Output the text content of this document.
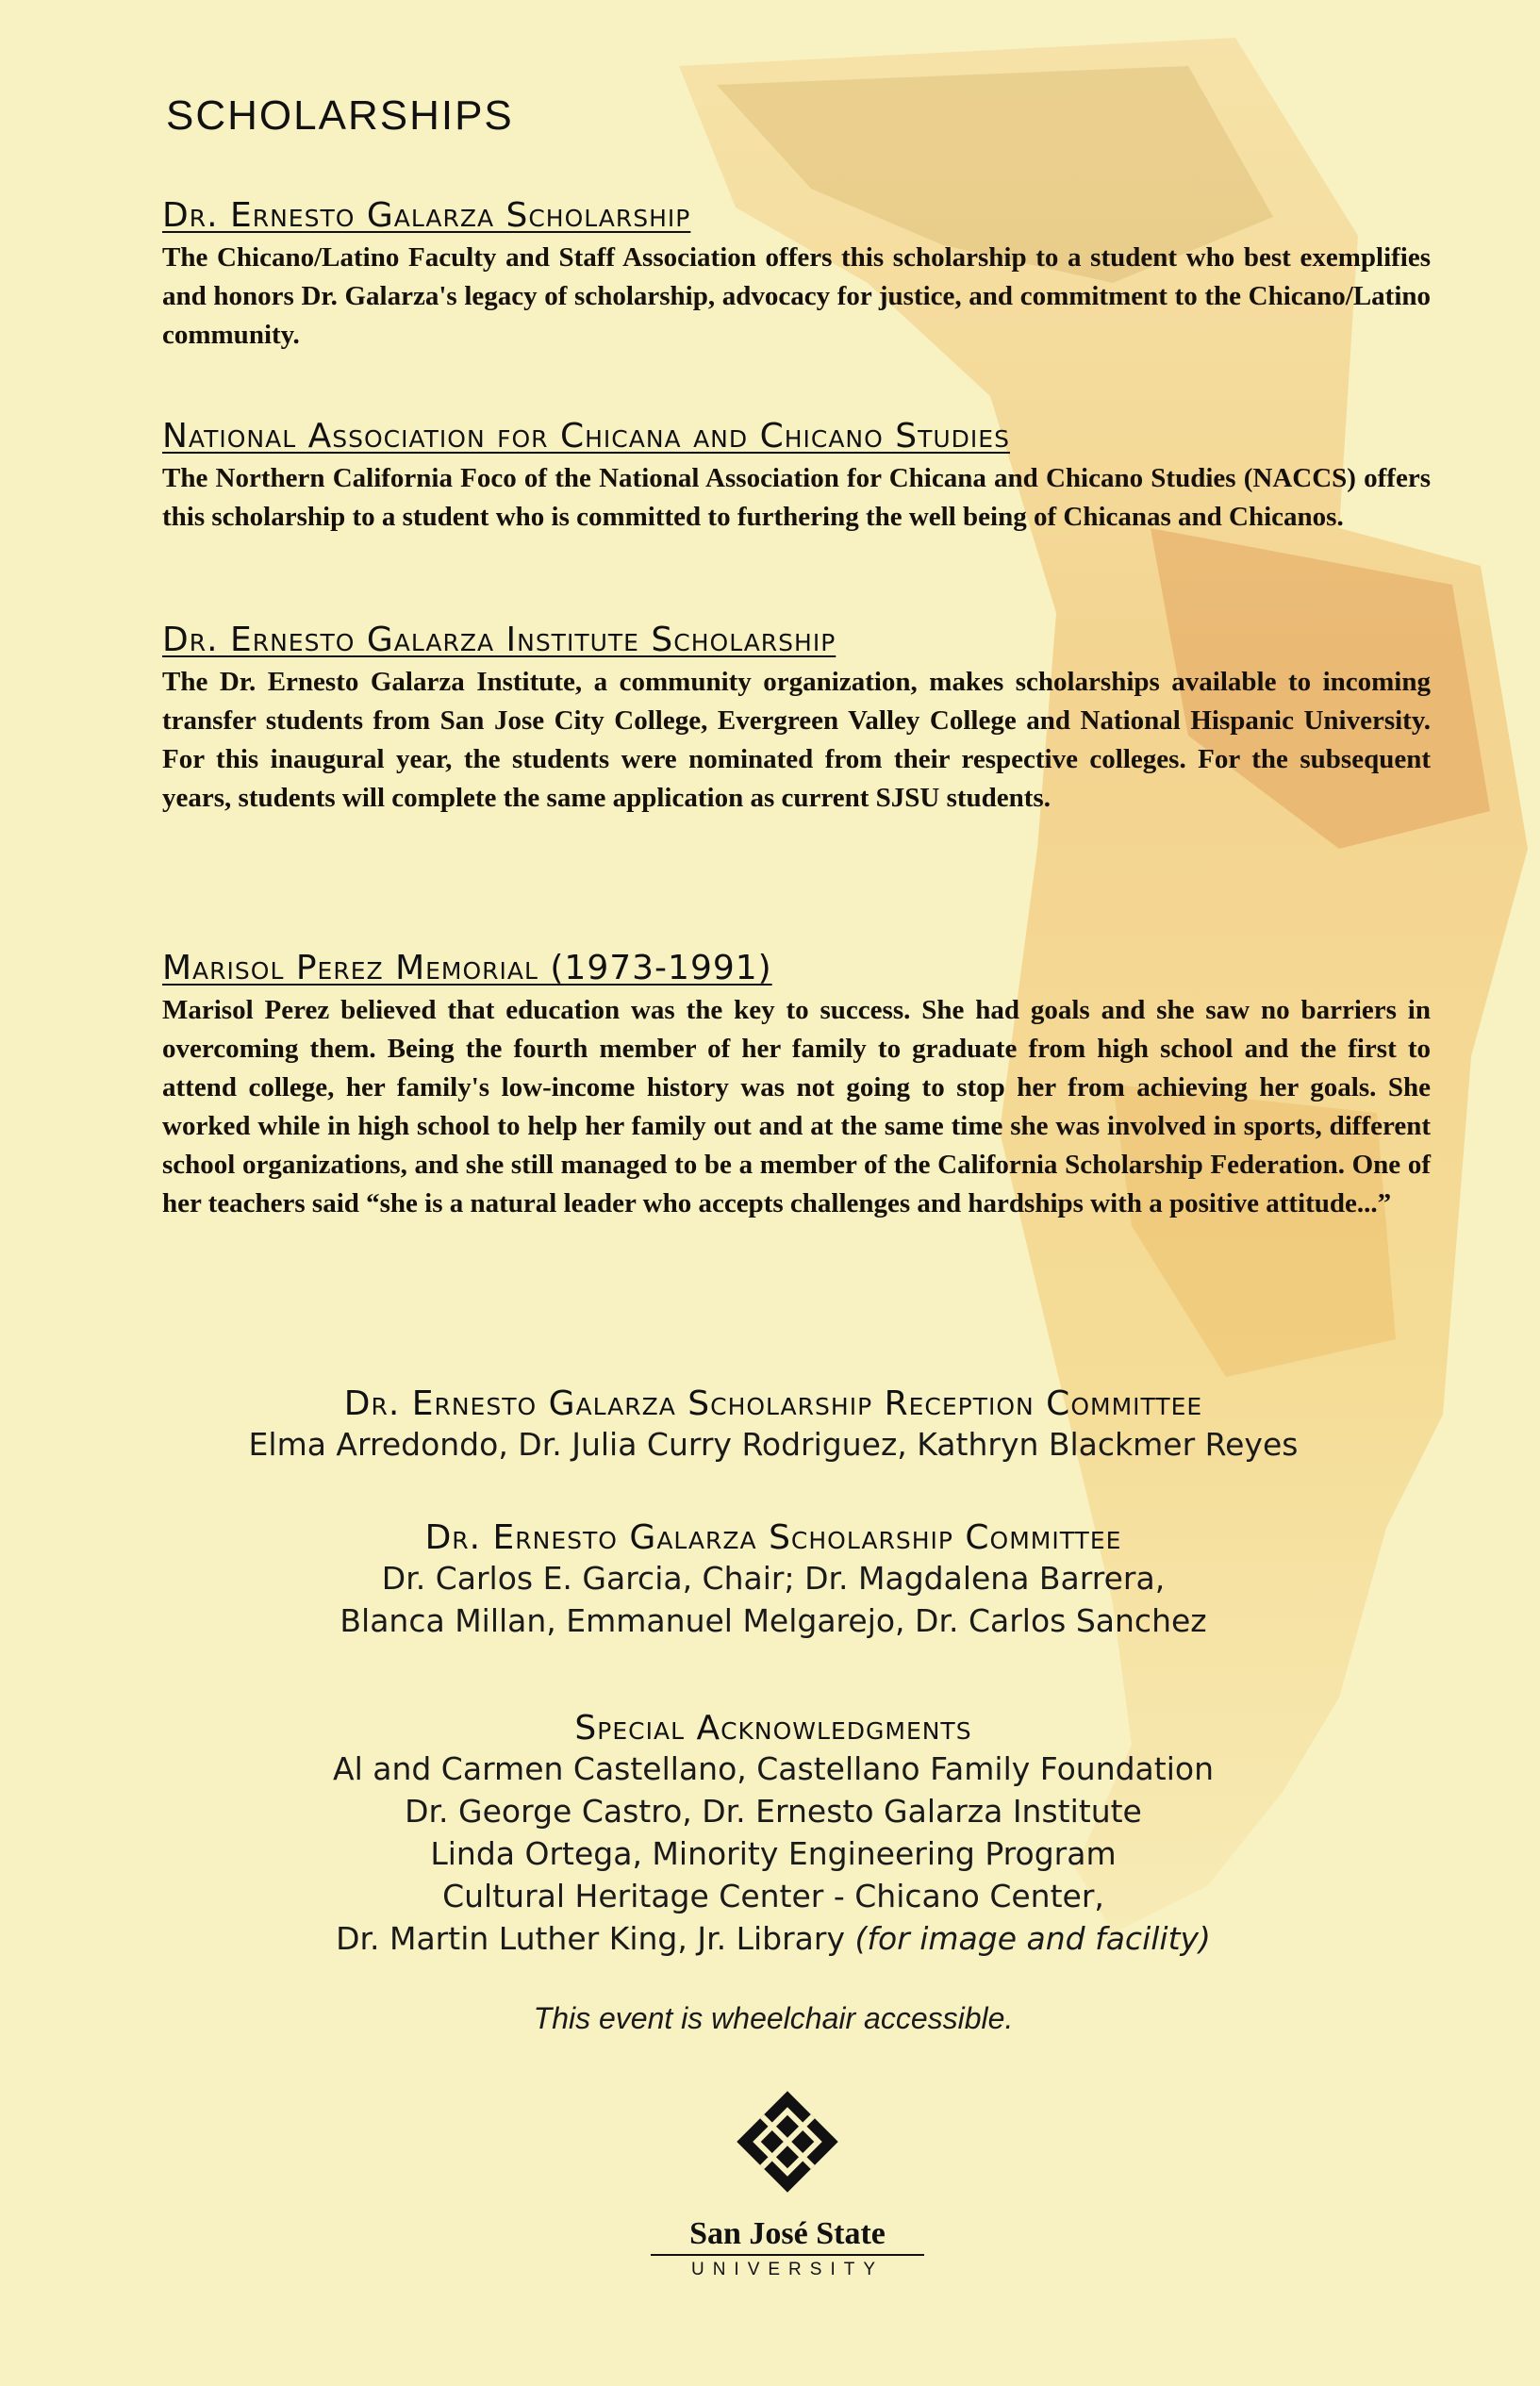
SCHOLARSHIPS
Dr. Ernesto Galarza Scholarship

The Chicano/Latino Faculty and Staff Association offers this scholarship to a student who best exemplifies and honors Dr. Galarza's legacy of scholarship, advocacy for justice, and commitment to the Chicano/Latino community.

National Association for Chicana and Chicano Studies

The Northern California Foco of the National Association for Chicana and Chicano Studies (NACCS) offers this scholarship to a student who is committed to furthering the well being of Chicanas and Chicanos.

Dr. Ernesto Galarza Institute Scholarship

The Dr. Ernesto Galarza Institute, a community organization, makes scholarships available to incoming transfer students from San Jose City College, Evergreen Valley College and National Hispanic University. For this inaugural year, the students were nominated from their respective colleges. For the subsequent years, students will complete the same application as current SJSU students.

Marisol Perez Memorial (1973-1991)

Marisol Perez believed that education was the key to success. She had goals and she saw no barriers in overcoming them. Being the fourth member of her family to graduate from high school and the first to attend college, her family's low-income history was not going to stop her from achieving her goals. She worked while in high school to help her family out and at the same time she was involved in sports, different school organizations, and she still managed to be a member of the California Scholarship Federation. One of her teachers said “she is a natural leader who accepts challenges and hardships with a positive attitude...”

Dr. Ernesto Galarza Scholarship Reception Committee

Elma Arredondo, Dr. Julia Curry Rodriguez, Kathryn Blackmer Reyes

Dr. Ernesto Galarza Scholarship Committee

Dr. Carlos E. Garcia, Chair; Dr. Magdalena Barrera,

Blanca Millan, Emmanuel Melgarejo, Dr. Carlos Sanchez

Special Acknowledgments

Al and Carmen Castellano, Castellano Family Foundation

Dr. George Castro, Dr. Ernesto Galarza Institute

Linda Ortega, Minority Engineering Program

Cultural Heritage Center - Chicano Center,

Dr. Martin Luther King, Jr. Library (for image and facility)

This event is wheelchair accessible.

San José State

UNIVERSITY
